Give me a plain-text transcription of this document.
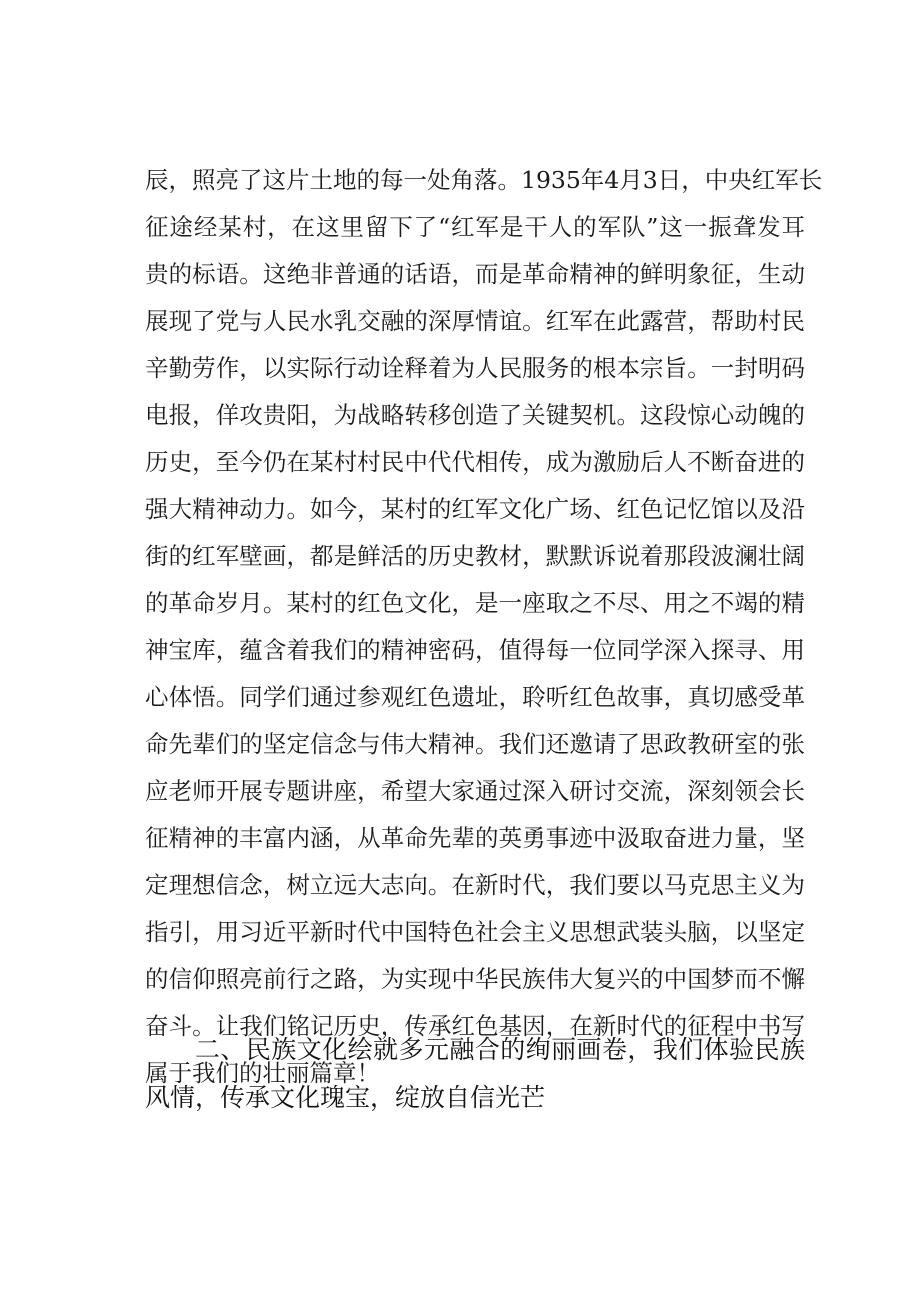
辰，照亮了这片土地的每一处角落。1935年4月3日，中央红军长
征途经某村，在这里留下了“红军是干人的军队”这一振聋发耳
贵的标语。这绝非普通的话语，而是革命精神的鲜明象征，生动
展现了党与人民水乳交融的深厚情谊。红军在此露营，帮助村民
辛勤劳作，以实际行动诠释着为人民服务的根本宗旨。一封明码
电报，佯攻贵阳，为战略转移创造了关键契机。这段惊心动魄的
历史，至今仍在某村村民中代代相传，成为激励后人不断奋进的
强大精神动力。如今，某村的红军文化广场、红色记忆馆以及沿
街的红军壁画，都是鲜活的历史教材，默默诉说着那段波澜壮阔
的革命岁月。某村的红色文化，是一座取之不尽、用之不竭的精
神宝库，蕴含着我们的精神密码，值得每一位同学深入探寻、用
心体悟。同学们通过参观红色遗址，聆听红色故事，真切感受革
命先辈们的坚定信念与伟大精神。我们还邀请了思政教研室的张
应老师开展专题讲座，希望大家通过深入研讨交流，深刻领会长
征精神的丰富内涵，从革命先辈的英勇事迹中汲取奋进力量，坚
定理想信念，树立远大志向。在新时代，我们要以马克思主义为
指引，用习近平新时代中国特色社会主义思想武装头脑，以坚定
的信仰照亮前行之路，为实现中华民族伟大复兴的中国梦而不懈
奋斗。让我们铭记历史，传承红色基因，在新时代的征程中书写
属于我们的壮丽篇章！
二、民族文化绘就多元融合的绚丽画卷，我们体验民族
风情，传承文化瑰宝，绽放自信光芒
